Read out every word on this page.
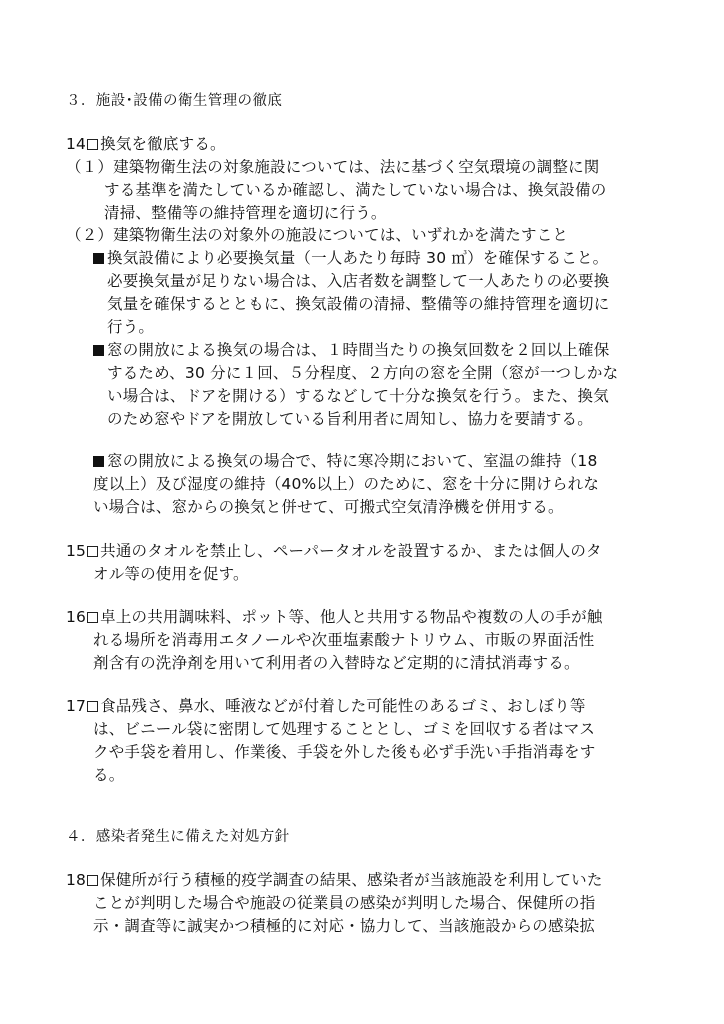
３．施設･設備の衛生管理の徹底
14 換気を徹底する。
（１）建築物衛生法の対象施設については、法に基づく空気環境の調整に関
する基準を満たしているか確認し、満たしていない場合は、換気設備の
清掃、整備等の維持管理を適切に行う。
（２）建築物衛生法の対象外の施設については、いずれかを満たすこと
換気設備により必要換気量（一人あたり毎時 30 ㎥）を確保すること。
必要換気量が足りない場合は、入店者数を調整して一人あたりの必要換
気量を確保するとともに、換気設備の清掃、整備等の維持管理を適切に
行う。
窓の開放による換気の場合は、１時間当たりの換気回数を２回以上確保
するため、30 分に１回、５分程度、２方向の窓を全開（窓が一つしかな
い場合は、ドアを開ける）するなどして十分な換気を行う。また、換気
のため窓やドアを開放している旨利用者に周知し、協力を要請する。
窓の開放による換気の場合で、特に寒冷期において、室温の維持（18
度以上）及び湿度の維持（40%以上）のために、窓を十分に開けられな
い場合は、窓からの換気と併せて、可搬式空気清浄機を併用する。
15 共通のタオルを禁止し、ペーパータオルを設置するか、または個人のタ
オル等の使用を促す。
16 卓上の共用調味料、ポット等、他人と共用する物品や複数の人の手が触
れる場所を消毒用エタノールや次亜塩素酸ナトリウム、市販の界面活性
剤含有の洗浄剤を用いて利用者の入替時など定期的に清拭消毒する。
17 食品残さ、鼻水、唾液などが付着した可能性のあるゴミ、おしぼり等
は、ビニール袋に密閉して処理することとし、ゴミを回収する者はマス
クや手袋を着用し、作業後、手袋を外した後も必ず手洗い手指消毒をす
る。
４．感染者発生に備えた対処方針
18 保健所が行う積極的疫学調査の結果、感染者が当該施設を利用していた
ことが判明した場合や施設の従業員の感染が判明した場合、保健所の指
示・調査等に誠実かつ積極的に対応・協力して、当該施設からの感染拡
